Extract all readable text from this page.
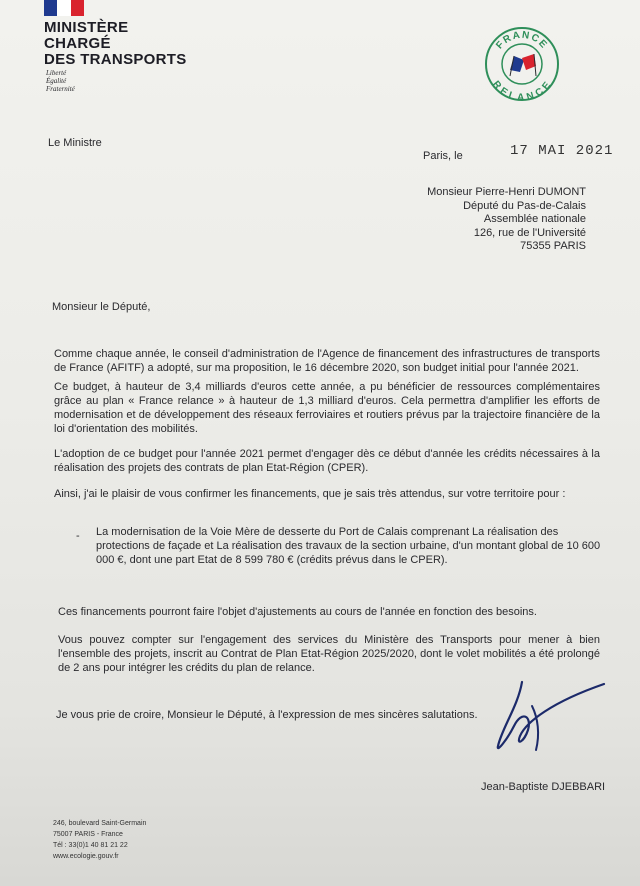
MINISTÈRE
CHARGÉ
DES TRANSPORTS
Liberté
Égalité
Fraternité
FRANCE
RELANCE
Le Ministre
Paris, le	17 MAI 2021
Monsieur Pierre-Henri DUMONT
Député du Pas-de-Calais
Assemblée nationale
126, rue de l'Université
75355 PARIS
Monsieur le Député,
Comme chaque année, le conseil d'administration de l'Agence de financement des infrastructures de transports de France (AFITF) a adopté, sur ma proposition, le 16 décembre 2020, son budget initial pour l'année 2021.
Ce budget, à hauteur de 3,4 milliards d'euros cette année, a pu bénéficier de ressources complémentaires grâce au plan « France relance » à hauteur de 1,3 milliard d'euros. Cela permettra d'amplifier les efforts de modernisation et de développement des réseaux ferroviaires et routiers prévus par la trajectoire financière de la loi d'orientation des mobilités.
L'adoption de ce budget pour l'année 2021 permet d'engager dès ce début d'année les crédits nécessaires à la réalisation des projets des contrats de plan Etat-Région (CPER).
Ainsi, j'ai le plaisir de vous confirmer les financements, que je sais très attendus, sur votre territoire pour :
- La modernisation de la Voie Mère de desserte du Port de Calais comprenant La réalisation des protections de façade et La réalisation des travaux de la section urbaine, d'un montant global de 10 600 000 €, dont une part Etat de 8 599 780 € (crédits prévus dans le CPER).
Ces financements pourront faire l'objet d'ajustements au cours de l'année en fonction des besoins.
Vous pouvez compter sur l'engagement des services du Ministère des Transports pour mener à bien l'ensemble des projets, inscrit au Contrat de Plan Etat-Région 2025/2020, dont le volet mobilités a été prolongé de 2 ans pour intégrer les crédits du plan de relance.
Je vous prie de croire, Monsieur le Député, à l'expression de mes sincères salutations.
Jean-Baptiste DJEBBARI
246, boulevard Saint-Germain
75007 PARIS - France
Tél : 33(0)1 40 81 21 22
www.ecologie.gouv.fr
